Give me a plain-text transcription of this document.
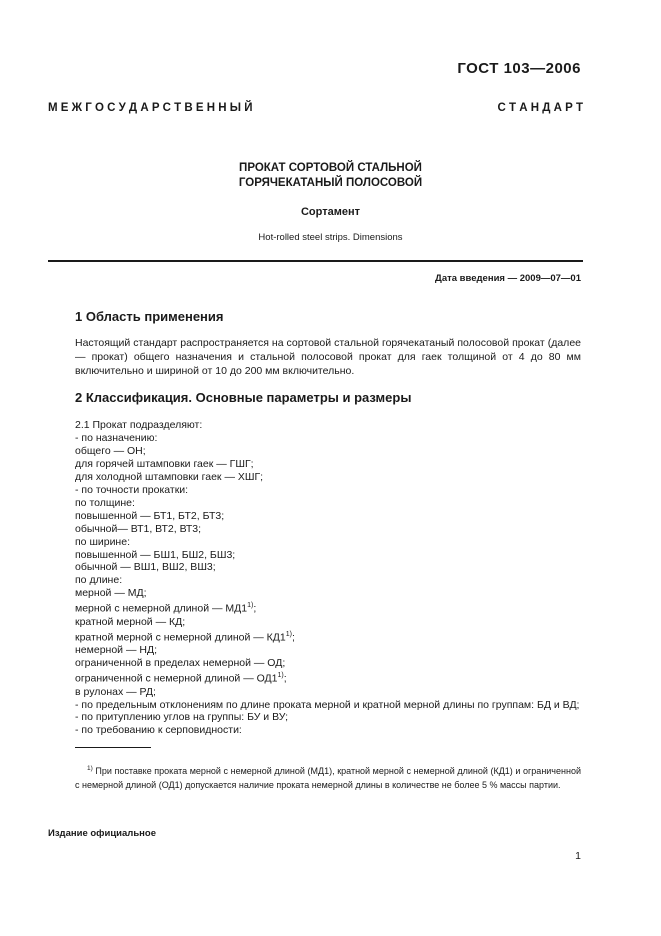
ГОСТ 103—2006
М Е Ж Г О С У Д А Р С Т В Е Н Н Ы Й	С Т А Н Д А Р Т
ПРОКАТ СОРТОВОЙ СТАЛЬНОЙ
ГОРЯЧЕКАТАНЫЙ ПОЛОСОВОЙ
Сортамент
Hot-rolled steel strips. Dimensions
Дата введения — 2009—07—01
1 Область применения
Настоящий стандарт распространяется на сортовой стальной горячекатаный полосовой прокат (далее — прокат) общего назначения и стальной полосовой прокат для гаек толщиной от 4 до 80 мм включительно и шириной от 10 до 200 мм включительно.
2 Классификация. Основные параметры и размеры
2.1 Прокат подразделяют:
- по назначению:
общего — ОН;
для горячей штамповки гаек — ГШГ;
для холодной штамповки гаек — ХШГ;
- по точности прокатки:
по толщине:
повышенной — БТ1, БТ2, БТ3;
обычной— ВТ1, ВТ2, ВТ3;
по ширине:
повышенной — БШ1, БШ2, БШ3;
обычной — ВШ1, ВШ2, ВШ3;
по длине:
мерной — МД;
мерной с немерной длиной — МД1$^{1)}$;
кратной мерной — КД;
кратной мерной с немерной длиной — КД1$^{1)}$;
немерной — НД;
ограниченной в пределах немерной — ОД;
ограниченной с немерной длиной — ОД1$^{1)}$;
в рулонах — РД;
- по предельным отклонениям по длине проката мерной и кратной мерной длины по группам: БД и ВД;
- по притуплению углов на группы: БУ и ВУ;
- по требованию к серповидности:
$^{1)}$ При поставке проката мерной с немерной длиной (МД1), кратной мерной с немерной длиной (КД1) и ограниченной с немерной длиной (ОД1) допускается наличие проката немерной длины в количестве не более 5 % массы партии.
Издание официальное
1
